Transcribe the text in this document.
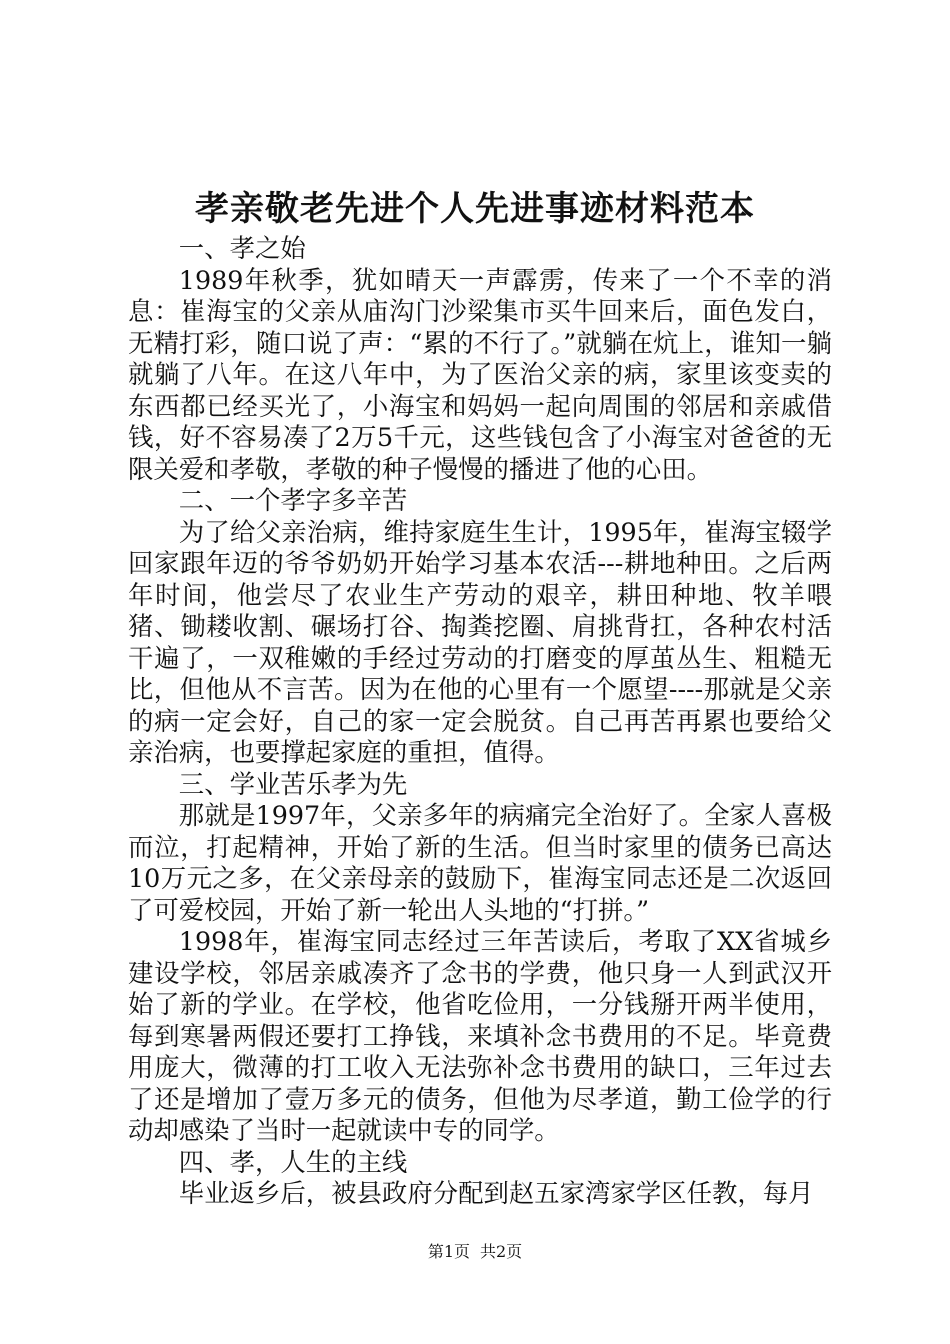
孝亲敬老先进个人先进事迹材料范本

一、孝之始

1989年秋季，犹如晴天一声霹雳，传来了一个不幸的消息：崔海宝的父亲从庙沟门沙梁集市买牛回来后，面色发白，无精打彩，随口说了声：“累的不行了。”就躺在炕上，谁知一躺就躺了八年。在这八年中，为了医治父亲的病，家里该变卖的东西都已经买光了，小海宝和妈妈一起向周围的邻居和亲戚借钱，好不容易凑了2万5千元，这些钱包含了小海宝对爸爸的无限关爱和孝敬，孝敬的种子慢慢的播进了他的心田。

二、一个孝字多辛苦

为了给父亲治病，维持家庭生生计，1995年，崔海宝辍学回家跟年迈的爷爷奶奶开始学习基本农活---耕地种田。之后两年时间，他尝尽了农业生产劳动的艰辛，耕田种地、牧羊喂猪、锄耧收割、碾场打谷、掏粪挖圈、肩挑背扛，各种农村活干遍了，一双稚嫩的手经过劳动的打磨变的厚茧丛生、粗糙无比，但他从不言苦。因为在他的心里有一个愿望----那就是父亲的病一定会好，自己的家一定会脱贫。自己再苦再累也要给父亲治病，也要撑起家庭的重担，值得。

三、学业苦乐孝为先

那就是1997年，父亲多年的病痛完全治好了。全家人喜极而泣，打起精神，开始了新的生活。但当时家里的债务已高达10万元之多，在父亲母亲的鼓励下，崔海宝同志还是二次返回了可爱校园，开始了新一轮出人头地的“打拼。”

1998年，崔海宝同志经过三年苦读后，考取了XX省城乡建设学校，邻居亲戚凑齐了念书的学费，他只身一人到武汉开始了新的学业。在学校，他省吃俭用，一分钱掰开两半使用，每到寒暑两假还要打工挣钱，来填补念书费用的不足。毕竟费用庞大，微薄的打工收入无法弥补念书费用的缺口，三年过去了还是增加了壹万多元的债务，但他为尽孝道，勤工俭学的行动却感染了当时一起就读中专的同学。

四、孝，人生的主线

毕业返乡后，被县政府分配到赵五家湾家学区任教，每月

第1页 共2页
